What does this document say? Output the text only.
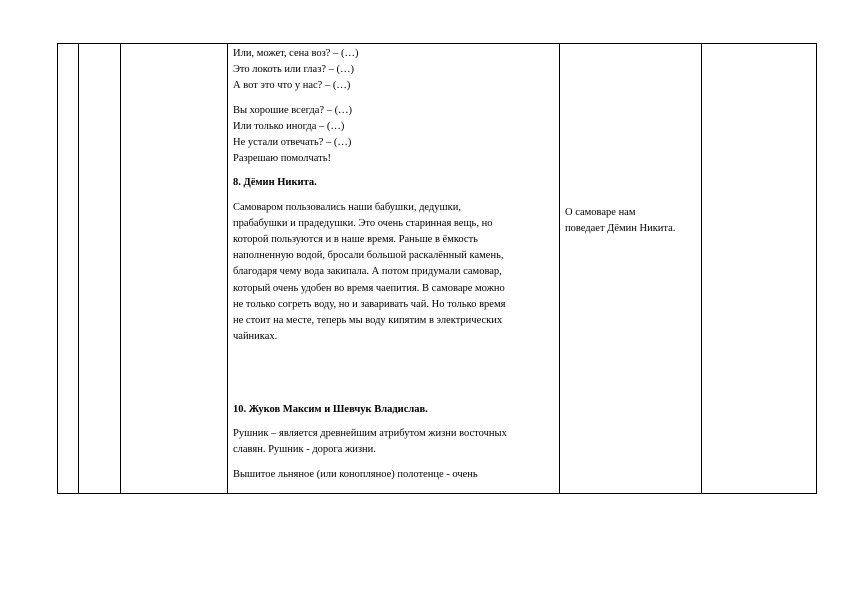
Или, может, сена воз? – (…)

Это локоть или глаз? – (…)

А вот это что у нас? – (…)

Вы хорошие всегда? – (…)

Или только иногда – (…)

Не устали отвечать? – (…)

Разрешаю помолчать!

8. Дёмин Никита.

Самоваром пользовались наши бабушки, дедушки,

прабабушки и прадедушки. Это очень старинная вещь, но

которой пользуются и в наше время. Раньше в ёмкость

наполненную водой, бросали большой раскалённый камень,

благодаря чему вода закипала. А потом придумали самовар,

который очень удобен во время чаепития. В самоваре можно

не только согреть воду, но и заваривать чай. Но только время

не стоит на месте, теперь мы воду кипятим в электрических

чайниках.

10. Жуков Максим и Шевчук Владислав.

Рушник – является древнейшим атрибутом жизни восточных

славян. Рушник - дорога жизни.

Вышитое льняное (или конопляное) полотенце - очень

О самоваре нам

поведает Дёмин Никита.
